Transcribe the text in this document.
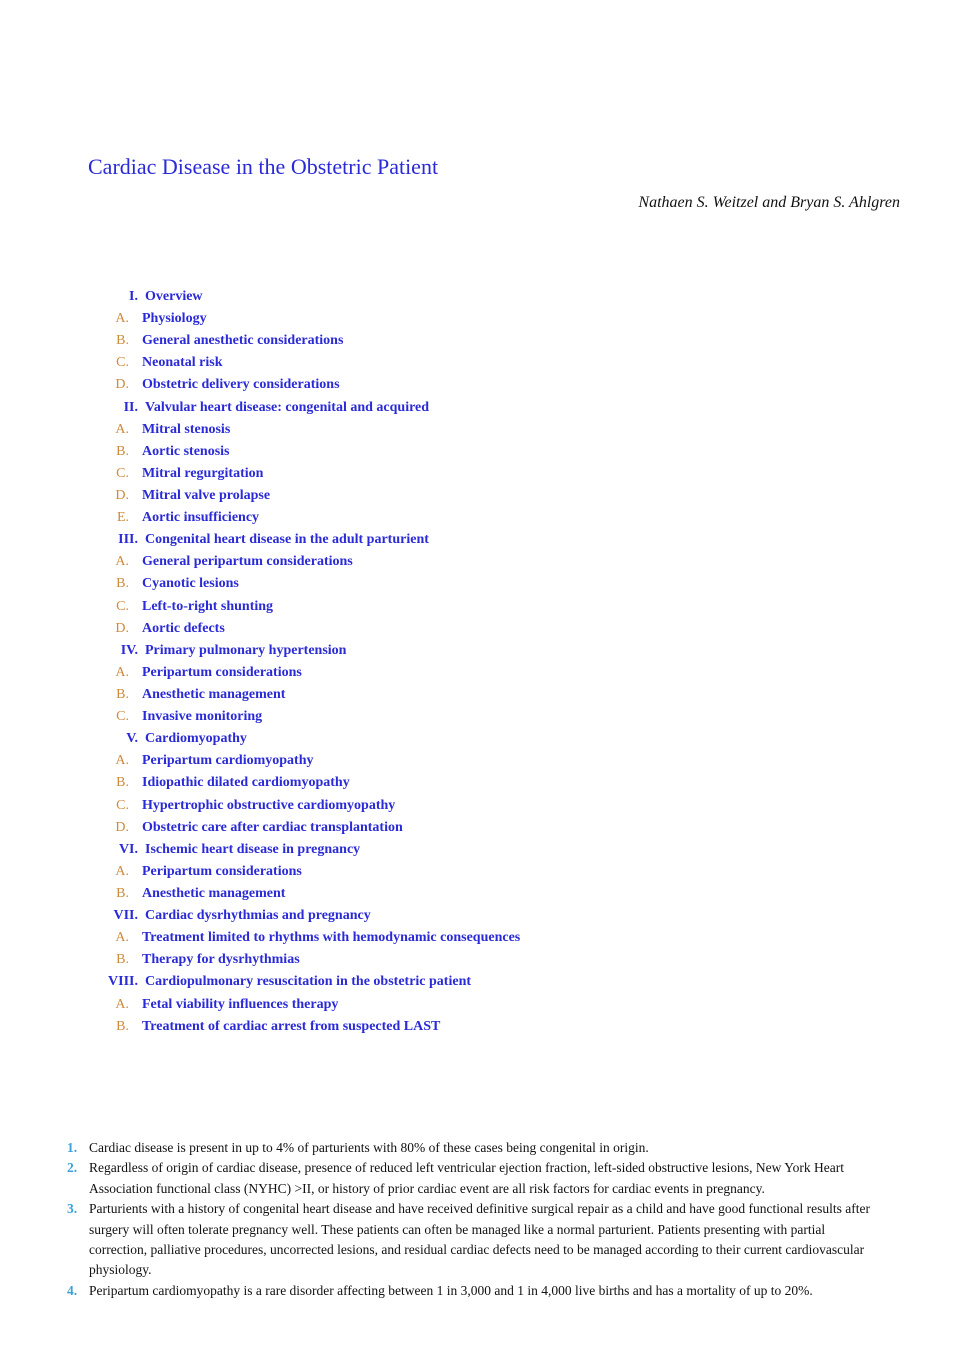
Cardiac Disease in the Obstetric Patient
Nathaen S. Weitzel and Bryan S. Ahlgren
I. Overview
A. Physiology
B. General anesthetic considerations
C. Neonatal risk
D. Obstetric delivery considerations
II. Valvular heart disease: congenital and acquired
A. Mitral stenosis
B. Aortic stenosis
C. Mitral regurgitation
D. Mitral valve prolapse
E. Aortic insufficiency
III. Congenital heart disease in the adult parturient
A. General peripartum considerations
B. Cyanotic lesions
C. Left-to-right shunting
D. Aortic defects
IV. Primary pulmonary hypertension
A. Peripartum considerations
B. Anesthetic management
C. Invasive monitoring
V. Cardiomyopathy
A. Peripartum cardiomyopathy
B. Idiopathic dilated cardiomyopathy
C. Hypertrophic obstructive cardiomyopathy
D. Obstetric care after cardiac transplantation
VI. Ischemic heart disease in pregnancy
A. Peripartum considerations
B. Anesthetic management
VII. Cardiac dysrhythmias and pregnancy
A. Treatment limited to rhythms with hemodynamic consequences
B. Therapy for dysrhythmias
VIII. Cardiopulmonary resuscitation in the obstetric patient
A. Fetal viability influences therapy
B. Treatment of cardiac arrest from suspected LAST
1. Cardiac disease is present in up to 4% of parturients with 80% of these cases being congenital in origin.
2. Regardless of origin of cardiac disease, presence of reduced left ventricular ejection fraction, left-sided obstructive lesions, New York Heart Association functional class (NYHC) >II, or history of prior cardiac event are all risk factors for cardiac events in pregnancy.
3. Parturients with a history of congenital heart disease and have received definitive surgical repair as a child and have good functional results after surgery will often tolerate pregnancy well. These patients can often be managed like a normal parturient. Patients presenting with partial correction, palliative procedures, uncorrected lesions, and residual cardiac defects need to be managed according to their current cardiovascular physiology.
4. Peripartum cardiomyopathy is a rare disorder affecting between 1 in 3,000 and 1 in 4,000 live births and has a mortality of up to 20%.
